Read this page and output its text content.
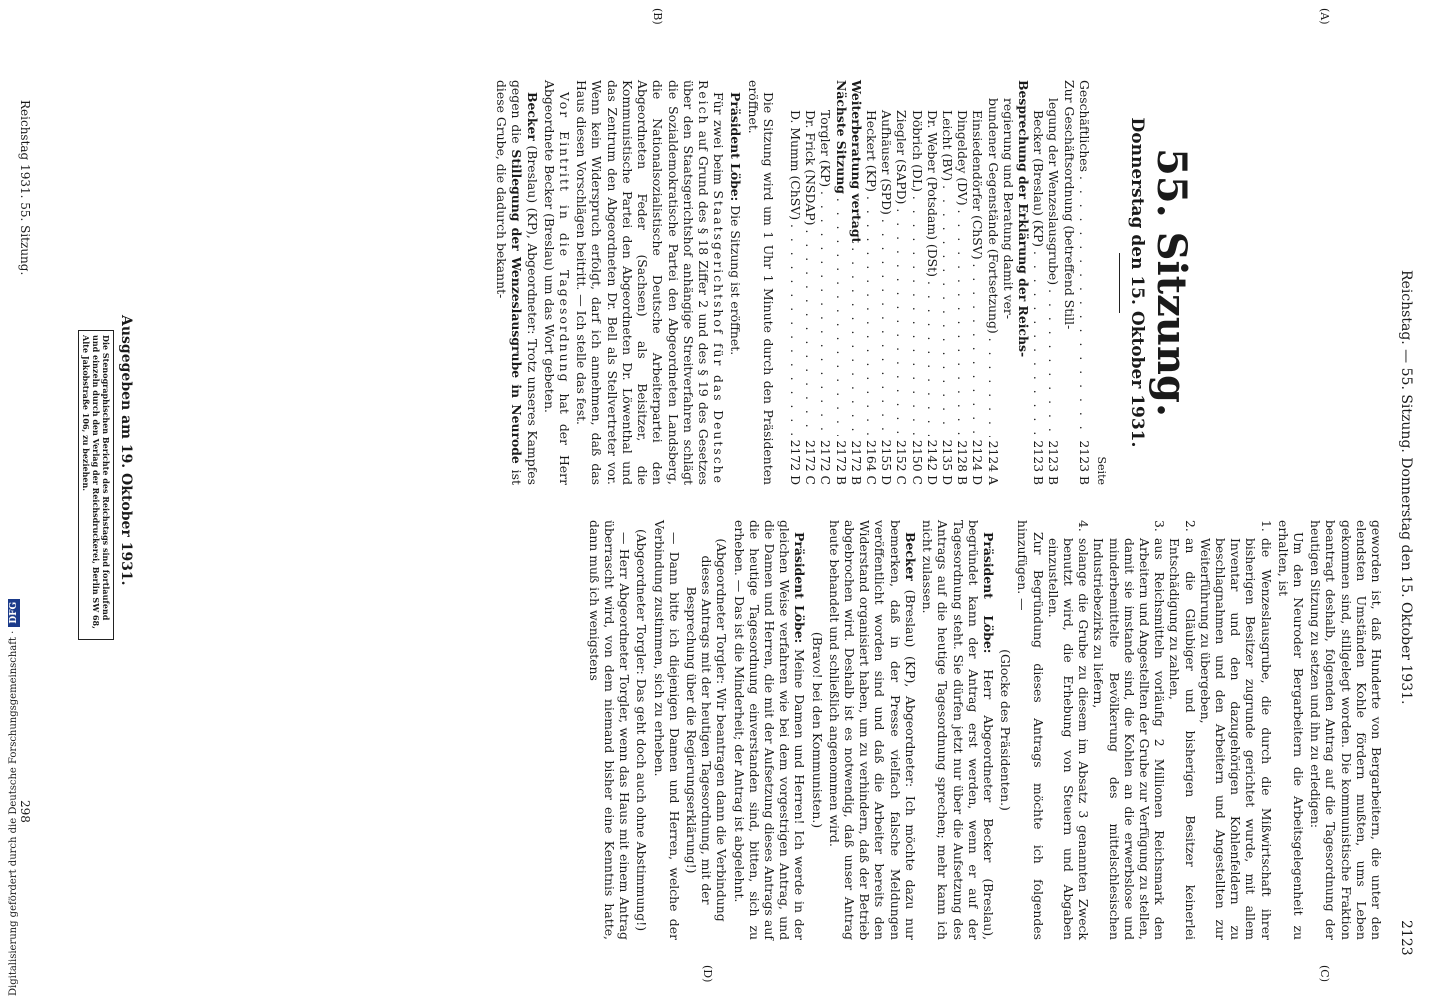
Reichstag. — 55. Sitzung. Donnerstag den 15. Oktober 1931.
2123
(A)
(B)
(C)
(D)
55. Sitzung.
Donnerstag den 15. Oktober 1931.
Seite
Geschäftliches
. . .
2123 B
Zur Geschäftsordnung (betreffend Still-
legung der Wenzeslausgrube)
. . .
2123 B
Becker (Breslau) (KP)
. . .
2123 B
Besprechung der Erklärung der Reichs-
regierung und Beratung damit ver-
bundener Gegenstände (Fortsetzung)
. . .
2124 A
Einsiedendörfer (ChSV)
. . .
2124 D
Dingeldey (DV)
. . .
2128 B
Leicht (BV)
. . .
2135 D
Dr. Weber (Potsdam) (DSt)
. . .
2142 D
Döbrich (DL)
. . .
2150 C
Ziegler (SAPD)
. . .
2152 C
Aufhäuser (SPD)
. . .
2155 D
Heckert (KP)
. . .
2164 C
Weiterberatung vertagt
. . .
2172 B
Nächste Sitzung
. . .
2172 B
Torgler (KP)
. . .
2172 C
Dr. Frick (NSDAP)
. . .
2172 C
D. Mumm (ChSV)
. . .
2172 D

Die Sitzung wird um 1 Uhr 1 Minute durch den Präsidenten eröffnet.

Präsident Löbe: Die Sitzung ist eröffnet.

Für zwei beim Staatsgerichtshof für das Deutsche Reich auf Grund des § 18 Ziffer 2 und des § 19 des Gesetzes über den Staatsgerichtshof anhängige Streitverfahren schlägt die Sozialdemokratische Partei den Abgeordneten Landsberg, die Nationalsozialistische Deutsche Arbeiterpartei den Abgeordneten Feder (Sachsen) als Beisitzer, die Kommunistische Partei den Abgeordneten Dr. Löwenthal und das Zentrum den Abgeordneten Dr. Bell als Stellvertreter vor. Wenn kein Widerspruch erfolgt, darf ich annehmen, daß das Haus diesen Vorschlägen beitritt. — Ich stelle das fest.

Vor Eintritt in die Tagesordnung hat der Herr Abgeordnete Becker (Breslau) um das Wort gebeten.

Becker (Breslau) (KP), Abgeordneter: Trotz unseres Kampfes gegen die Stillegung der Wenzeslausgrube in Neurode ist diese Grube, die dadurch bekannt-

Die Stenographischen Berichte des Reichstags sind fortlaufend und einzeln durch den Verlag der Reichsdruckerei, Berlin SW 68, Alte Jakobstraße 106, zu beziehen.	Ausgegeben am 19. Oktober 1931.
Reichstag 1931. 55. Sitzung.
298	geworden ist, daß Hunderte von Bergarbeitern, die unter den elendsten Umständen Kohle fördern mußten, ums Leben gekommen sind, stillgelegt worden. Die kommunistische Fraktion beantragt deshalb, folgenden Antrag auf die Tagesordnung der heutigen Sitzung zu setzen und ihn zu erledigen:

Um den Neuroder Bergarbeitern die Arbeitsgelegenheit zu erhalten, ist

1.
die Wenzeslausgrube, die durch die Mißwirtschaft ihrer bisherigen Besitzer zugrunde gerichtet wurde, mit allem Inventar und den dazugehörigen Kohlenfeldern zu beschlagnahmen und den Arbeitern und Angestellten zur Weiterführung zu übergeben,
2.
an die Gläubiger und bisherigen Besitzer keinerlei Entschädigung zu zahlen,
3.
aus Reichsmitteln vorläufig 2 Millionen Reichsmark den Arbeitern und Angestellten der Grube zur Verfügung zu stellen, damit sie imstande sind, die Kohlen an die erwerbslose und minderbemittelte Bevölkerung des mittelschlesischen Industriebezirks zu liefern,
4.
solange die Grube zu diesem im Absatz 3 genannten Zweck benutzt wird, die Erhebung von Steuern und Abgaben einzustellen.

Zur Begründung dieses Antrags möchte ich folgendes hinzufügen. —

(Glocke des Präsidenten.)

Präsident Löbe: Herr Abgeordneter Becker (Breslau), begründet kann der Antrag erst werden, wenn er auf der Tagesordnung steht. Sie dürfen jetzt nur über die Aufsetzung des Antrags auf die heutige Tagesordnung sprechen; mehr kann ich nicht zulassen.

Becker (Breslau) (KP), Abgeordneter: Ich möchte dazu nur bemerken, daß in der Presse vielfach falsche Meldungen veröffentlicht worden sind und daß die Arbeiter bereits den Widerstand organisiert haben, um zu verhindern, daß der Betrieb abgebrochen wird. Deshalb ist es notwendig, daß unser Antrag heute behandelt und schließlich angenommen wird.

(Bravo! bei den Kommunisten.)

Präsident Löbe: Meine Damen und Herren! Ich werde in der gleichen Weise verfahren wie bei dem vorgestrigen Antrag, und die Damen und Herren, die mit der Aufsetzung dieses Antrags auf die heutige Tagesordnung einverstanden sind, bitten, sich zu erheben. — Das ist die Minderheit; der Antrag ist abgelehnt.

(Abgeordneter Torgler: Wir beantragen dann die Verbindung dieses Antrags mit der heutigen Tagesordnung, mit der Besprechung über die Regierungserklärung!)

— Dann bitte ich diejenigen Damen und Herren, welche der Verbindung zustimmen, sich zu erheben.

(Abgeordneter Torgler: Das geht doch auch ohne Abstimmung!)

— Herr Abgeordneter Torgler, wenn das Haus mit einem Antrag überrascht wird, von dem niemand bisher eine Kenntnis hatte, dann muß ich wenigstens

Digitalisierung gefördert durch die Deutsche Forschungsgemeinschaft ·DFG
